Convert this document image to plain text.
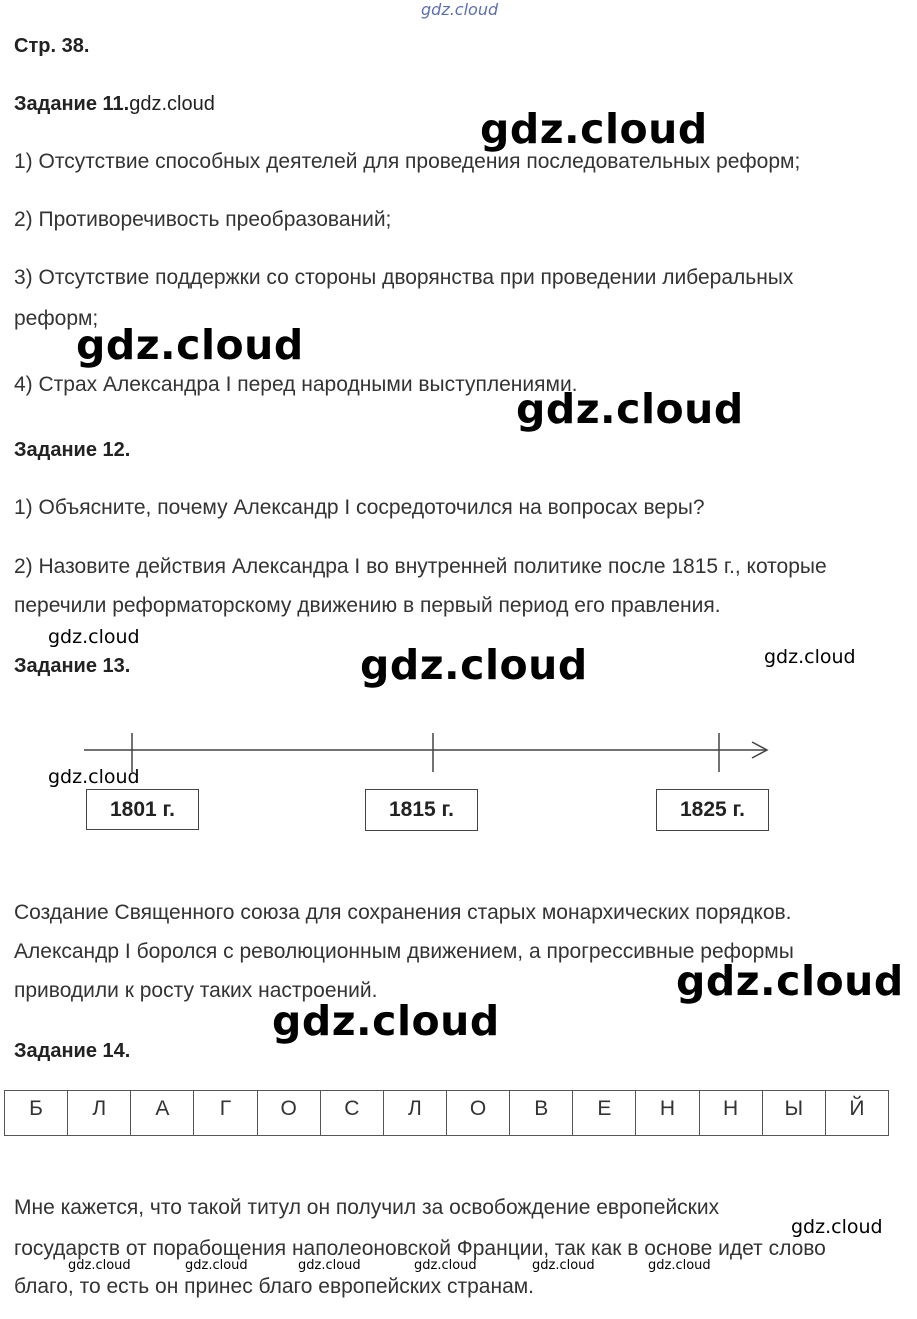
gdz.cloud

Стр. 38.

Задание 11.gdz.cloud

gdz.cloud

1) Отсутствие способных деятелей для проведения последовательных реформ;

2) Противоречивость преобразований;

3) Отсутствие поддержки со стороны дворянства при проведении либеральных

реформ;

gdz.cloud

4) Страх Александра I перед народными выступлениями.

gdz.cloud

Задание 12.

1) Объясните, почему Александр I сосредоточился на вопросах веры?

2) Назовите действия Александра I во внутренней политике после 1815 г., которые

перечили реформаторскому движению в первый период его правления.

gdz.cloud

Задание 13.	gdz.cloud	gdz.cloud

gdz.cloud

1801 г.	1815 г.	1825 г.

Создание Священного союза для сохранения старых монархических порядков.

Александр I боролся с революционным движением, а прогрессивные реформы

приводили к росту таких настроений.	gdz.cloud

gdz.cloud

Задание 14.

Б	Л	А	Г	О	С	Л	О	В	Е	Н	Н	Ы	Й

Мне кажется, что такой титул он получил за освобождение европейских

gdz.cloud

государств от порабощения наполеоновской Франции, так как в основе идет слово

gdz.cloud	gdz.cloud	gdz.cloud	gdz.cloud	gdz.cloud	gdz.cloud

благо, то есть он принес благо европейских странам.
